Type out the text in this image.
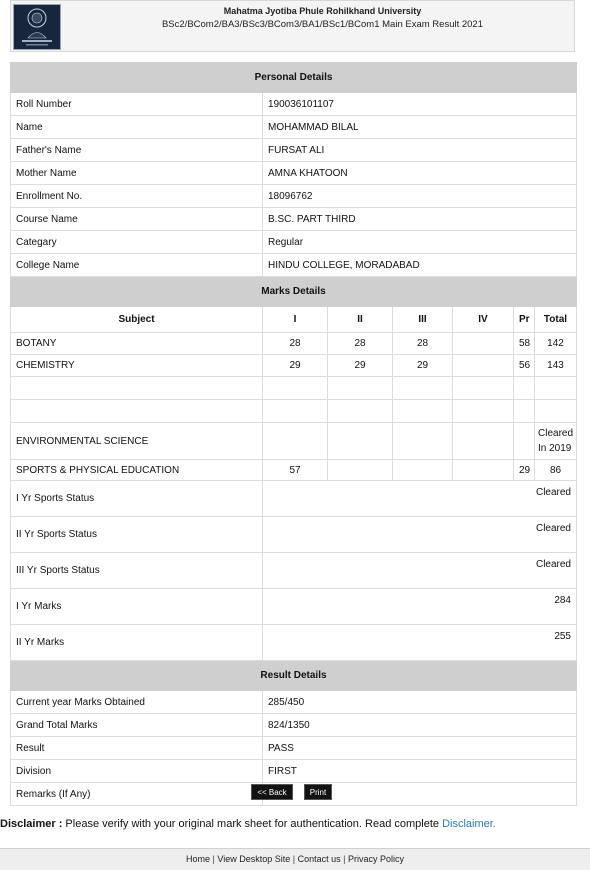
Mahatma Jyotiba Phule Rohilkhand University
BSc2/BCom2/BA3/BSc3/BCom3/BA1/BSc1/BCom1 Main Exam Result 2021
Personal Details						
Roll Number	190036101107					
Name	MOHAMMAD BILAL					
Father's Name	FURSAT ALI					
Mother Name	AMNA KHATOON					
Enrollment No.	18096762					
Course Name	B.SC. PART THIRD					
Categary	Regular					
College Name	HINDU COLLEGE, MORADABAD					
Marks Details						
Subject	I	II	III	IV	Pr	Total
BOTANY	28	28	28		58	142
CHEMISTRY	29	29	29		56	143

ENVIRONMENTAL SCIENCE						Cleared
In 2019

SPORTS & PHYSICAL EDUCATION	57				29	86
I Yr Sports Status	Cleared					
II Yr Sports Status	Cleared					
III Yr Sports Status	Cleared					
I Yr Marks	284					
II Yr Marks	255					
Result Details						
Current year Marks Obtained	285/450					
Grand Total Marks	824/1350					
Result	PASS					
Division	FIRST					
Remarks (If Any)							<< Back	Print
Disclaimer : Please verify with your original mark sheet for authentication. Read complete Disclaimer.
Home | View Desktop Site | Contact us | Privacy Policy
